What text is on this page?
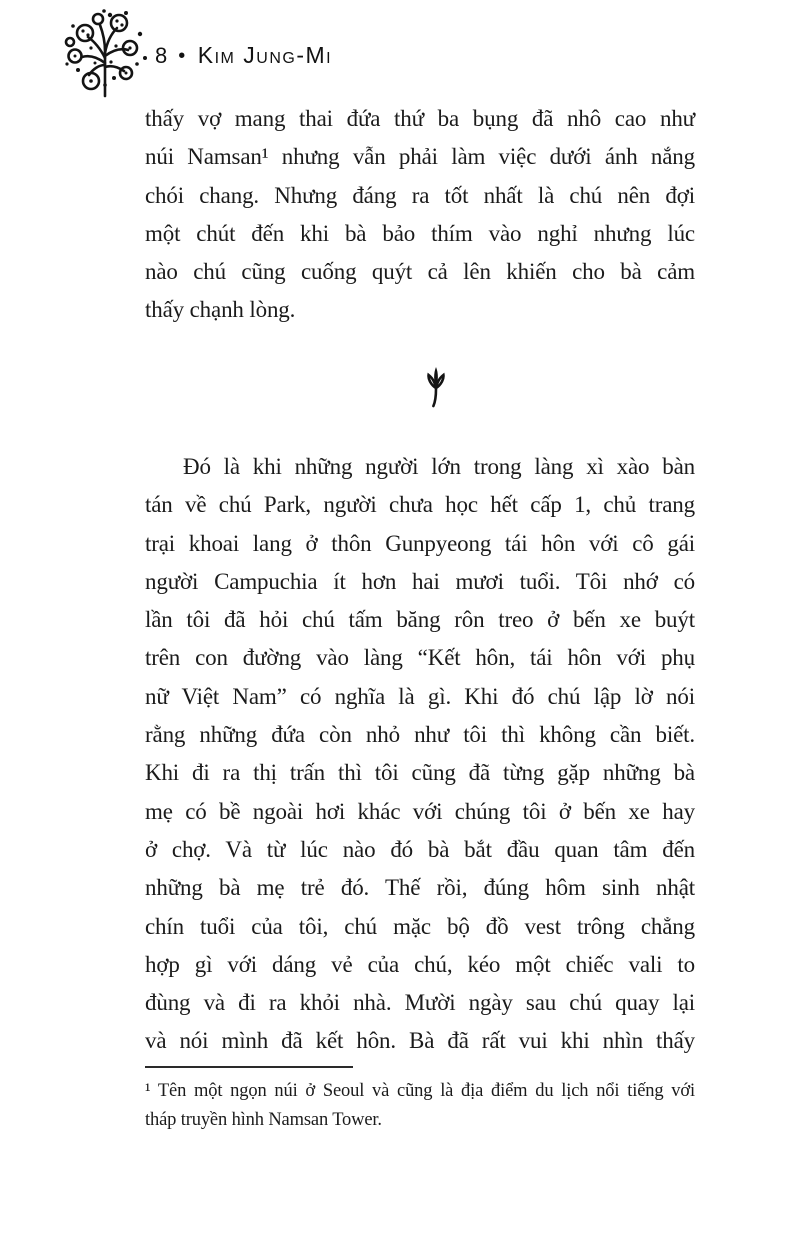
8 • Kim Jung-Mi
thấy vợ mang thai đứa thứ ba bụng đã nhô cao như
núi Namsan¹ nhưng vẫn phải làm việc dưới ánh nắng
chói chang. Nhưng đáng ra tốt nhất là chú nên đợi
một chút đến khi bà bảo thím vào nghỉ nhưng lúc
nào chú cũng cuống quýt cả lên khiến cho bà cảm
thấy chạnh lòng.
Đó là khi những người lớn trong làng xì xào bàn
tán về chú Park, người chưa học hết cấp 1, chủ trang
trại khoai lang ở thôn Gunpyeong tái hôn với cô gái
người Campuchia ít hơn hai mươi tuổi. Tôi nhớ có
lần tôi đã hỏi chú tấm băng rôn treo ở bến xe buýt
trên con đường vào làng “Kết hôn, tái hôn với phụ
nữ Việt Nam” có nghĩa là gì. Khi đó chú lập lờ nói
rằng những đứa còn nhỏ như tôi thì không cần biết.
Khi đi ra thị trấn thì tôi cũng đã từng gặp những bà
mẹ có bề ngoài hơi khác với chúng tôi ở bến xe hay
ở chợ. Và từ lúc nào đó bà bắt đầu quan tâm đến
những bà mẹ trẻ đó. Thế rồi, đúng hôm sinh nhật
chín tuổi của tôi, chú mặc bộ đồ vest trông chẳng
hợp gì với dáng vẻ của chú, kéo một chiếc vali to
đùng và đi ra khỏi nhà. Mười ngày sau chú quay lại
và nói mình đã kết hôn. Bà đã rất vui khi nhìn thấy
¹ Tên một ngọn núi ở Seoul và cũng là địa điểm du lịch nổi tiếng với
tháp truyền hình Namsan Tower.
